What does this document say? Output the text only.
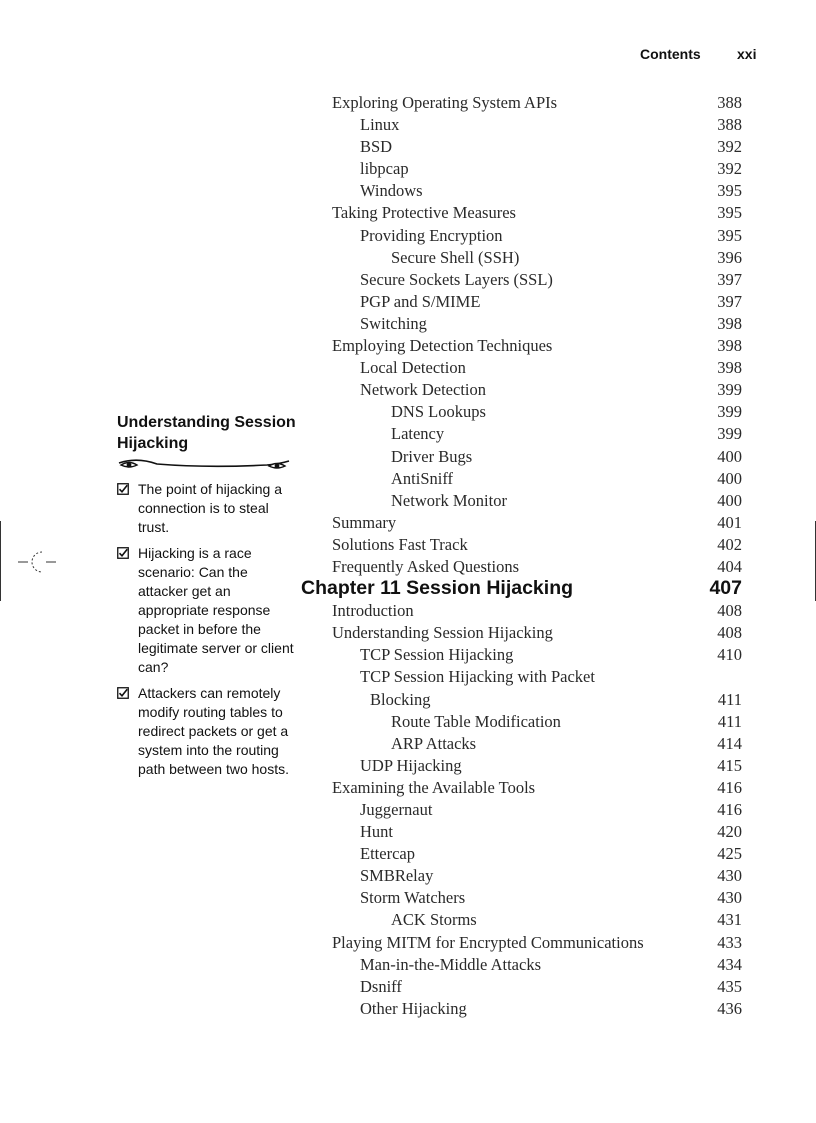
Contents	xxi
Exploring Operating System APIs	388
Linux	388
BSD	392
libpcap	392
Windows	395
Taking Protective Measures	395
Providing Encryption	395
Secure Shell (SSH)	396
Secure Sockets Layers (SSL)	397
PGP and S/MIME	397
Switching	398
Employing Detection Techniques	398
Local Detection	398
Network Detection	399
DNS Lookups	399
Latency	399
Driver Bugs	400
AntiSniff	400
Network Monitor	400
Summary	401
Solutions Fast Track	402
Frequently Asked Questions	404
Chapter 11 Session Hijacking	407
Introduction	408
Understanding Session Hijacking	408
TCP Session Hijacking	410
TCP Session Hijacking with Packet
Blocking	411
Route Table Modification	411
ARP Attacks	414
UDP Hijacking	415
Examining the Available Tools	416
Juggernaut	416
Hunt	420
Ettercap	425
SMBRelay	430
Storm Watchers	430
ACK Storms	431
Playing MITM for Encrypted Communications	433
Man-in-the-Middle Attacks	434
Dsniff	435
Other Hijacking	436
Understanding Session Hijacking
The point of hijacking a connection is to steal trust.
Hijacking is a race scenario: Can the attacker get an appropriate response packet in before the legitimate server or client can?
Attackers can remotely modify routing tables to redirect packets or get a system into the routing path between two hosts.
